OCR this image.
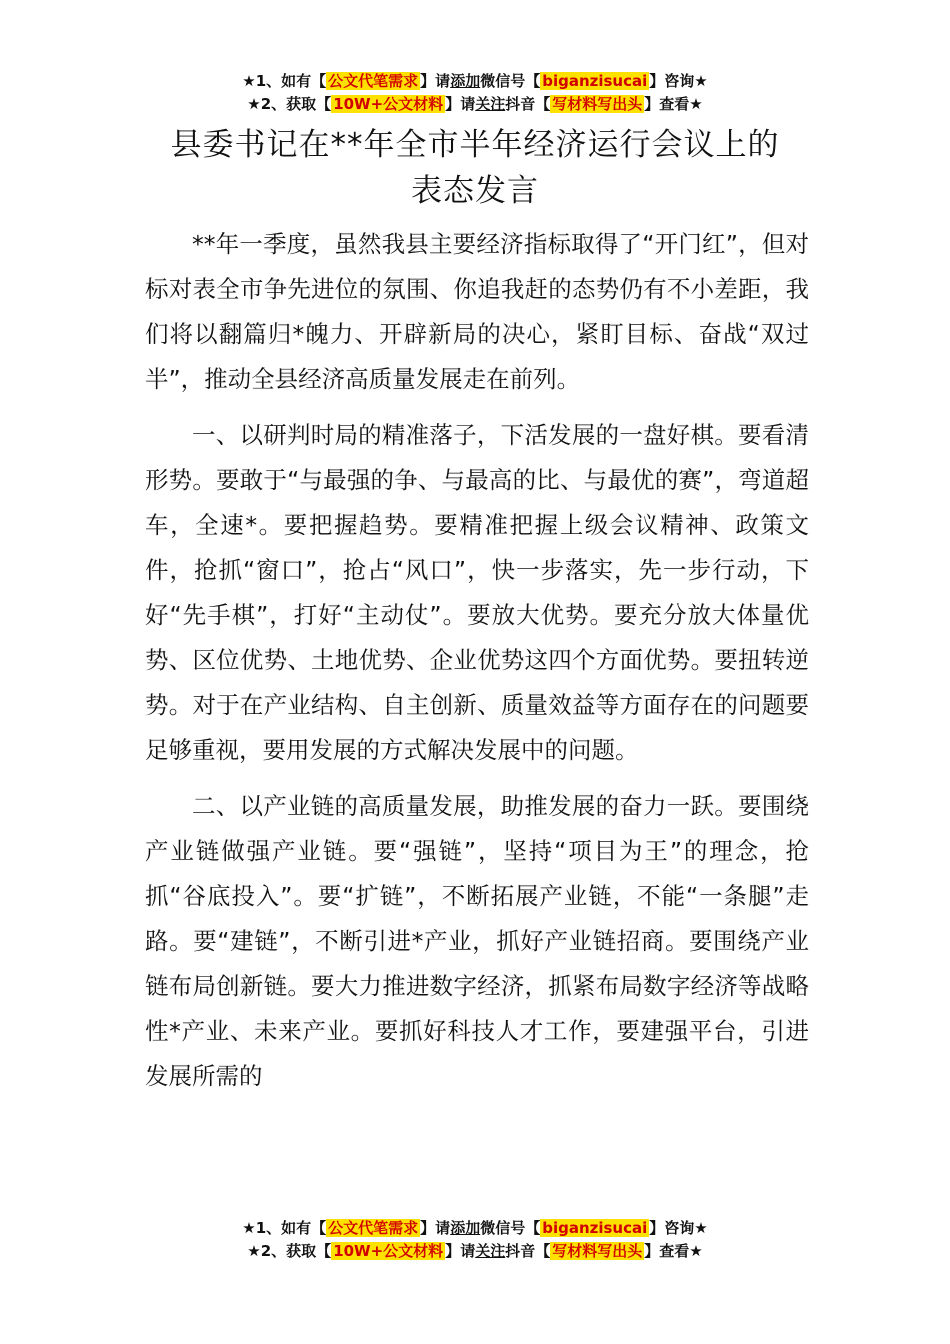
★1、如有【 公文代笔需求 】请添加微信号【 biganzisucai 】咨询★
★2、获取【 10W+公文材料 】请关注抖音【 写材料写出头 】查看★
县委书记在**年全市半年经济运行会议上的
表态发言

**年一季度，虽然我县主要经济指标取得了“开门红”，但对标对表全市争先进位的氛围、你追我赶的态势仍有不小差距，我们将以翻篇归*魄力、开辟新局的决心，紧盯目标、奋战“双过半”，推动全县经济高质量发展走在前列。

一、以研判时局的精准落子，下活发展的一盘好棋。要看清形势。要敢于“与最强的争、与最高的比、与最优的赛”，弯道超车，全速*。要把握趋势。要精准把握上级会议精神、政策文件，抢抓“窗口”，抢占“风口”，快一步落实，先一步行动，下好“先手棋”，打好“主动仗”。要放大优势。要充分放大体量优势、区位优势、土地优势、企业优势这四个方面优势。要扭转逆势。对于在产业结构、自主创新、质量效益等方面存在的问题要足够重视，要用发展的方式解决发展中的问题。

二、以产业链的高质量发展，助推发展的奋力一跃。要围绕产业链做强产业链。要“强链”，坚持“项目为王”的理念，抢抓“谷底投入”。要“扩链”，不断拓展产业链，不能“一条腿”走路。要“建链”，不断引进*产业，抓好产业链招商。要围绕产业链布局创新链。要大力推进数字经济，抓紧布局数字经济等战略性*产业、未来产业。要抓好科技人才工作，要建强平台，引进发展所需的

★1、如有【 公文代笔需求 】请添加微信号【 biganzisucai 】咨询★
★2、获取【 10W+公文材料 】请关注抖音【 写材料写出头 】查看★
